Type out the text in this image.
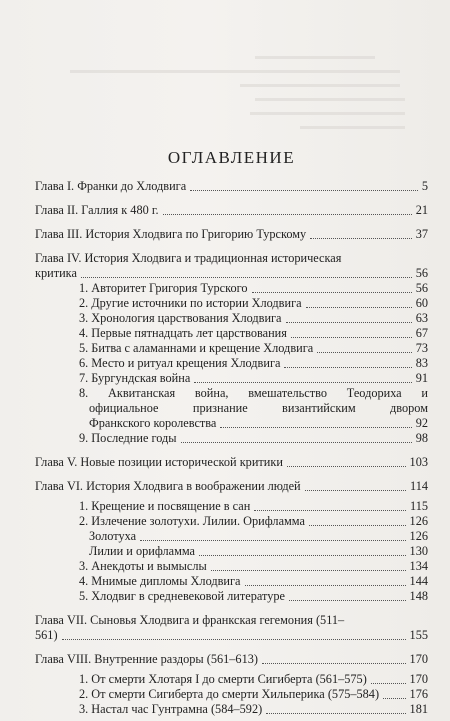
ОГЛАВЛЕНИЕ
Глава I. Франки до Хлодвига	5
Глава II. Галлия к 480 г.	21
Глава III. История Хлодвига по Григорию Турскому	37
Глава IV. История Хлодвига и традиционная историческая
критика	56
1. Авторитет Григория Турского	56
2. Другие источники по истории Хлодвига	60
3. Хронология царствования Хлодвига	63
4. Первые пятнадцать лет царствования	67
5. Битва с аламаннами и крещение Хлодвига	73
6. Место и ритуал крещения Хлодвига	83
7. Бургундская война	91
8. Аквитанская война, вмешательство Теодориха и
официальное признание византийским двором
Франкского королевства	92
9. Последние годы	98
Глава V. Новые позиции исторической критики	103
Глава VI. История Хлодвига в воображении людей	114
1. Крещение и посвящение в сан	115
2. Излечение золотухи. Лилии. Орифламма	126
Золотуха	126
Лилии и орифламма	130
3. Анекдоты и вымыслы	134
4. Мнимые дипломы Хлодвига	144
5. Хлодвиг в средневековой литературе	148
Глава VII. Сыновья Хлодвига и франкская гегемония (511–
561)	155
Глава VIII. Внутренние раздоры (561–613)	170
1. От смерти Хлотаря I до смерти Сигиберта (561–575)	170
2. От смерти Сигиберта до смерти Хильперика (575–584) 176
3. Настал час Гунтрамна (584–592)	181
